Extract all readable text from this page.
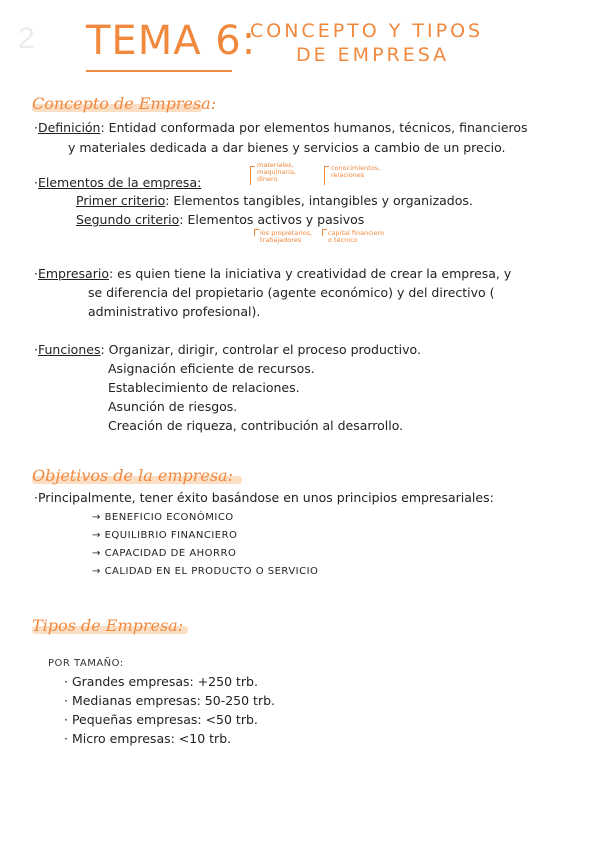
2 TEMA 6:
CONCEPTO Y TIPOS
DE EMPRESA
Concepto de Empresa:
·Definición: Entidad conformada por elementos humanos, técnicos, financieros
y materiales dedicada a dar bienes y servicios a cambio de un precio.
·Elementos de la empresa:
materiales,
maquinaria,
dinero
conocimientos,
relaciones
Primer criterio: Elementos tangibles, intangibles y organizados.
Segundo criterio: Elementos activos y pasivos
los propietarios,
trabajadores
capital financiero
o técnico
·Empresario: es quien tiene la iniciativa y creatividad de crear la empresa, y
se diferencia del propietario (agente económico) y del directivo (
administrativo profesional).
·Funciones: Organizar, dirigir, controlar el proceso productivo.
Asignación eficiente de recursos.
Establecimiento de relaciones.
Asunción de riesgos.
Creación de riqueza, contribución al desarrollo.
Objetivos de la empresa:
·Principalmente, tener éxito basándose en unos principios empresariales:
→ BENEFICIO ECONÓMICO
→ EQUILIBRIO FINANCIERO
→ CAPACIDAD DE AHORRO
→ CALIDAD EN EL PRODUCTO O SERVICIO
Tipos de Empresa:
POR TAMAÑO:
· Grandes empresas: +250 trb.
· Medianas empresas: 50-250 trb.
· Pequeñas empresas: <50 trb.
· Micro empresas: <10 trb.
